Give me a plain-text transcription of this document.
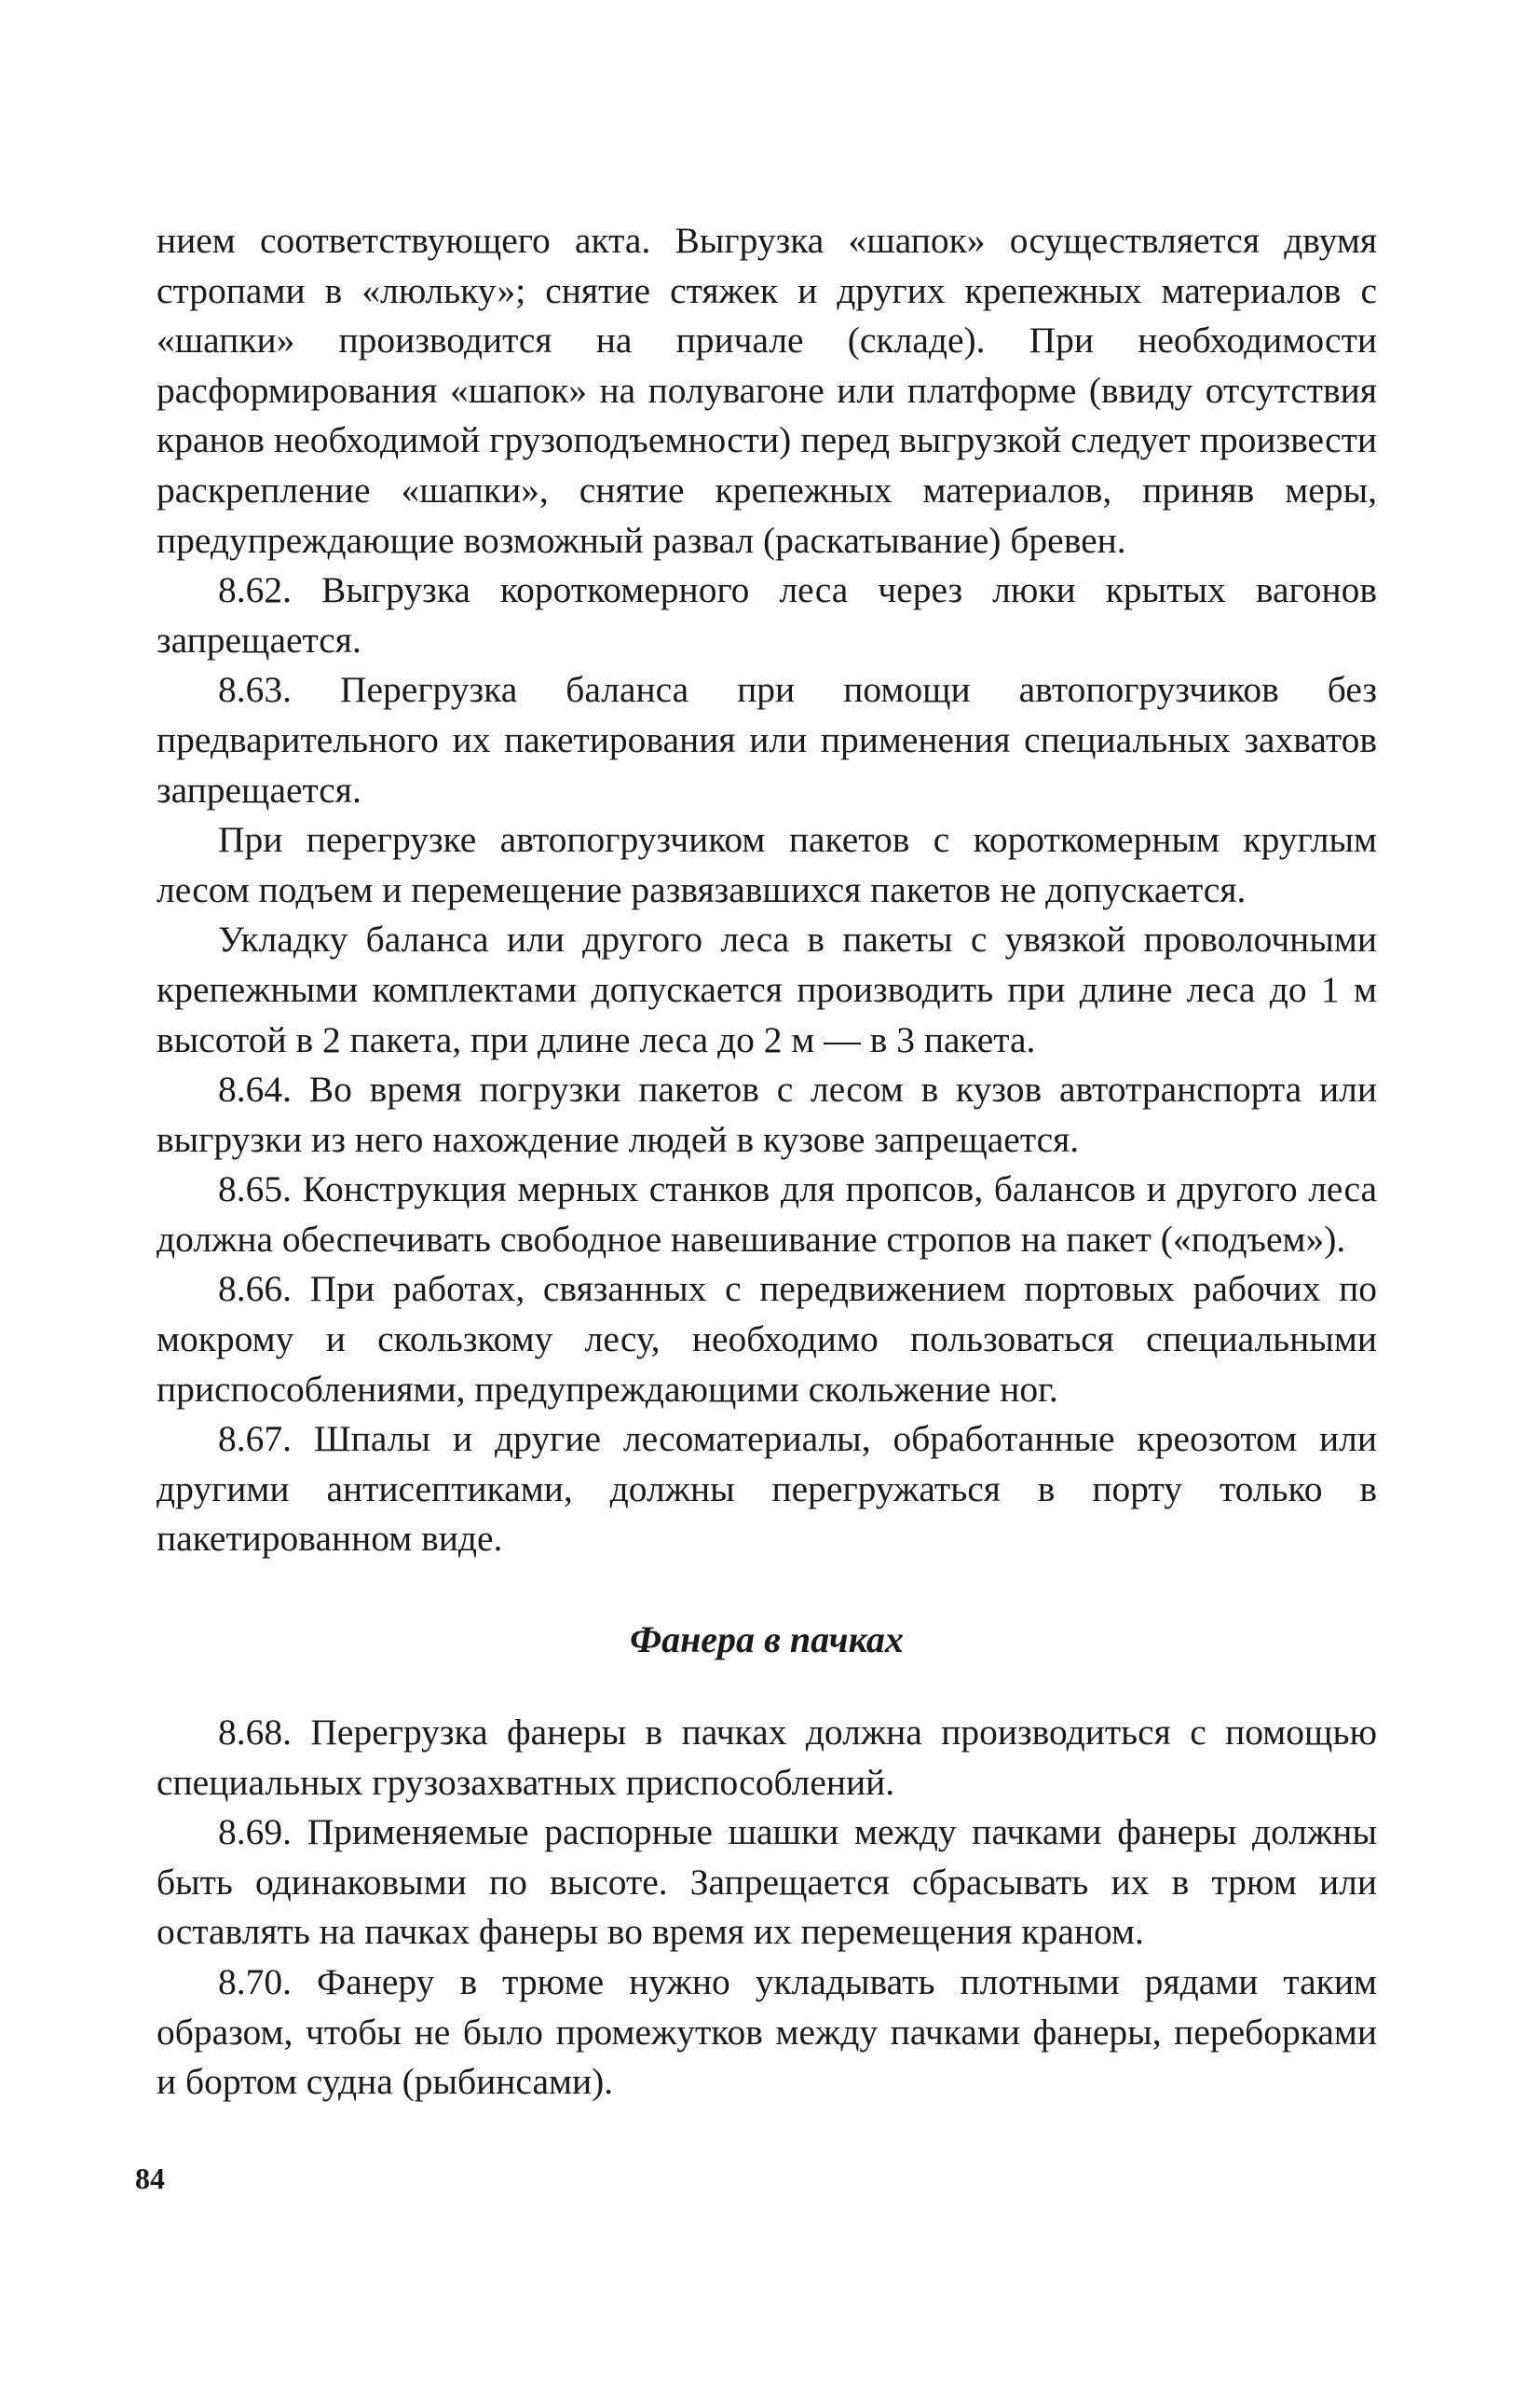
нием соответствующего акта. Выгрузка «шапок» осуществляется двумя стропами в «люльку»; снятие стяжек и других крепежных материалов с «шапки» производится на причале (складе). При необходимости расформирования «шапок» на полувагоне или платформе (ввиду отсутствия кранов необходимой грузоподъемности) перед выгрузкой следует произвести раскрепление «шапки», снятие крепежных материалов, приняв меры, предупреждающие возможный развал (раскатывание) бревен.

8.62. Выгрузка короткомерного леса через люки крытых вагонов запрещается.

8.63. Перегрузка баланса при помощи автопогрузчиков без предварительного их пакетирования или применения специальных захватов запрещается.

При перегрузке автопогрузчиком пакетов с короткомерным круглым лесом подъем и перемещение развязавшихся пакетов не допускается.

Укладку баланса или другого леса в пакеты с увязкой проволочными крепежными комплектами допускается производить при длине леса до 1 м высотой в 2 пакета, при длине леса до 2 м — в 3 пакета.

8.64. Во время погрузки пакетов с лесом в кузов автотранспорта или выгрузки из него нахождение людей в кузове запрещается.

8.65. Конструкция мерных станков для пропсов, балансов и другого леса должна обеспечивать свободное навешивание стропов на пакет («подъем»).

8.66. При работах, связанных с передвижением портовых рабочих по мокрому и скользкому лесу, необходимо пользоваться специальными приспособлениями, предупреждающими скольжение ног.

8.67. Шпалы и другие лесоматериалы, обработанные креозотом или другими антисептиками, должны перегружаться в порту только в пакетированном виде.

Фанера в пачках

8.68. Перегрузка фанеры в пачках должна производиться с помощью специальных грузозахватных приспособлений.

8.69. Применяемые распорные шашки между пачками фанеры должны быть одинаковыми по высоте. Запрещается сбрасывать их в трюм или оставлять на пачках фанеры во время их перемещения краном.

8.70. Фанеру в трюме нужно укладывать плотными рядами таким образом, чтобы не было промежутков между пачками фанеры, переборками и бортом судна (рыбинсами).

84
